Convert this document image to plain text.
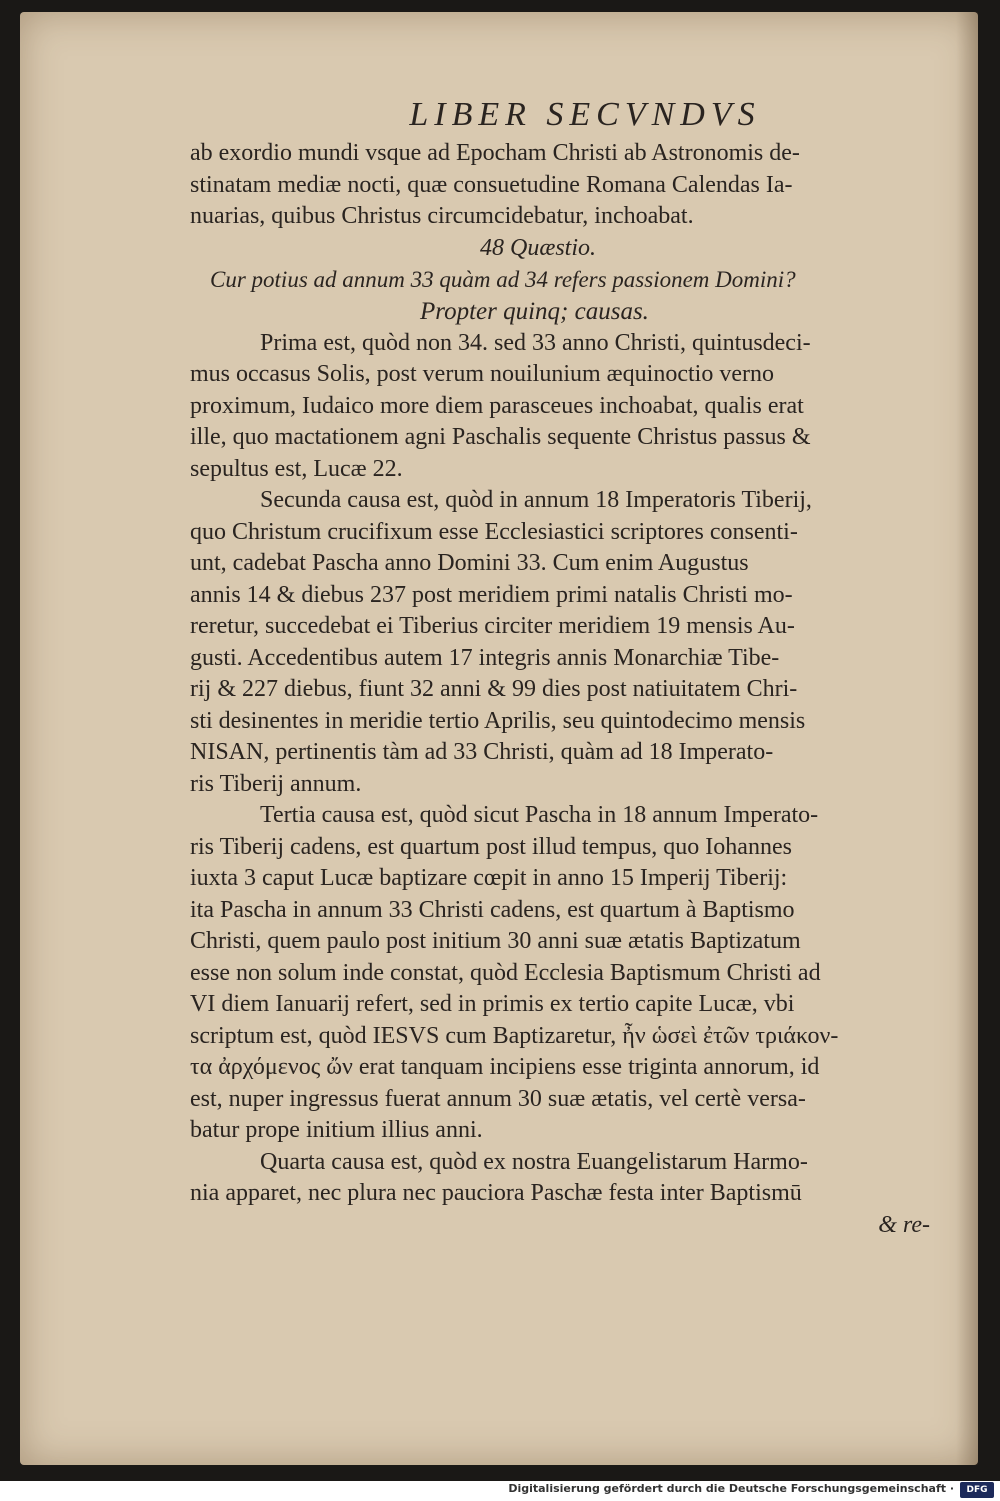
LIBER SECVNDVS
ab exordio mundi vsque ad Epocham Christi ab Astronomis de-
stinatam mediæ nocti, quæ consuetudine Romana Calendas Ia-
nuarias, quibus Christus circumcidebatur, inchoabat.
48 Quæstio.
Cur potius ad annum 33 quàm ad 34 refers passionem Domini?
Propter quinq; causas.
Prima est, quòd non 34. sed 33 anno Christi, quintusdeci-
mus occasus Solis, post verum nouilunium æquinoctio verno
proximum, Iudaico more diem parasceues inchoabat, qualis erat
ille, quo mactationem agni Paschalis sequente Christus passus &
sepultus est, Lucæ 22.
Secunda causa est, quòd in annum 18 Imperatoris Tiberij,
quo Christum crucifixum esse Ecclesiastici scriptores consenti-
unt, cadebat Pascha anno Domini 33. Cum enim Augustus
annis 14 & diebus 237 post meridiem primi natalis Christi mo-
reretur, succedebat ei Tiberius circiter meridiem 19 mensis Au-
gusti. Accedentibus autem 17 integris annis Monarchiæ Tibe-
rij & 227 diebus, fiunt 32 anni & 99 dies post natiuitatem Chri-
sti desinentes in meridie tertio Aprilis, seu quintodecimo mensis
NISAN, pertinentis tàm ad 33 Christi, quàm ad 18 Imperato-
ris Tiberij annum.
Tertia causa est, quòd sicut Pascha in 18 annum Imperato-
ris Tiberij cadens, est quartum post illud tempus, quo Iohannes
iuxta 3 caput Lucæ baptizare cœpit in anno 15 Imperij Tiberij:
ita Pascha in annum 33 Christi cadens, est quartum à Baptismo
Christi, quem paulo post initium 30 anni suæ ætatis Baptizatum
esse non solum inde constat, quòd Ecclesia Baptismum Christi ad
VI diem Ianuarij refert, sed in primis ex tertio capite Lucæ, vbi
scriptum est, quòd IESVS cum Baptizaretur, ἦν ὡσεὶ ἐτῶν τριάκον-
τα ἀρχόμενος ὤν erat tanquam incipiens esse triginta annorum, id
est, nuper ingressus fuerat annum 30 suæ ætatis, vel certè versa-
batur prope initium illius anni.
Quarta causa est, quòd ex nostra Euangelistarum Harmo-
nia apparet, nec plura nec pauciora Paschæ festa inter Baptismū
& re-
Digitalisierung gefördert durch die Deutsche Forschungsgemeinschaft ·	DFG
